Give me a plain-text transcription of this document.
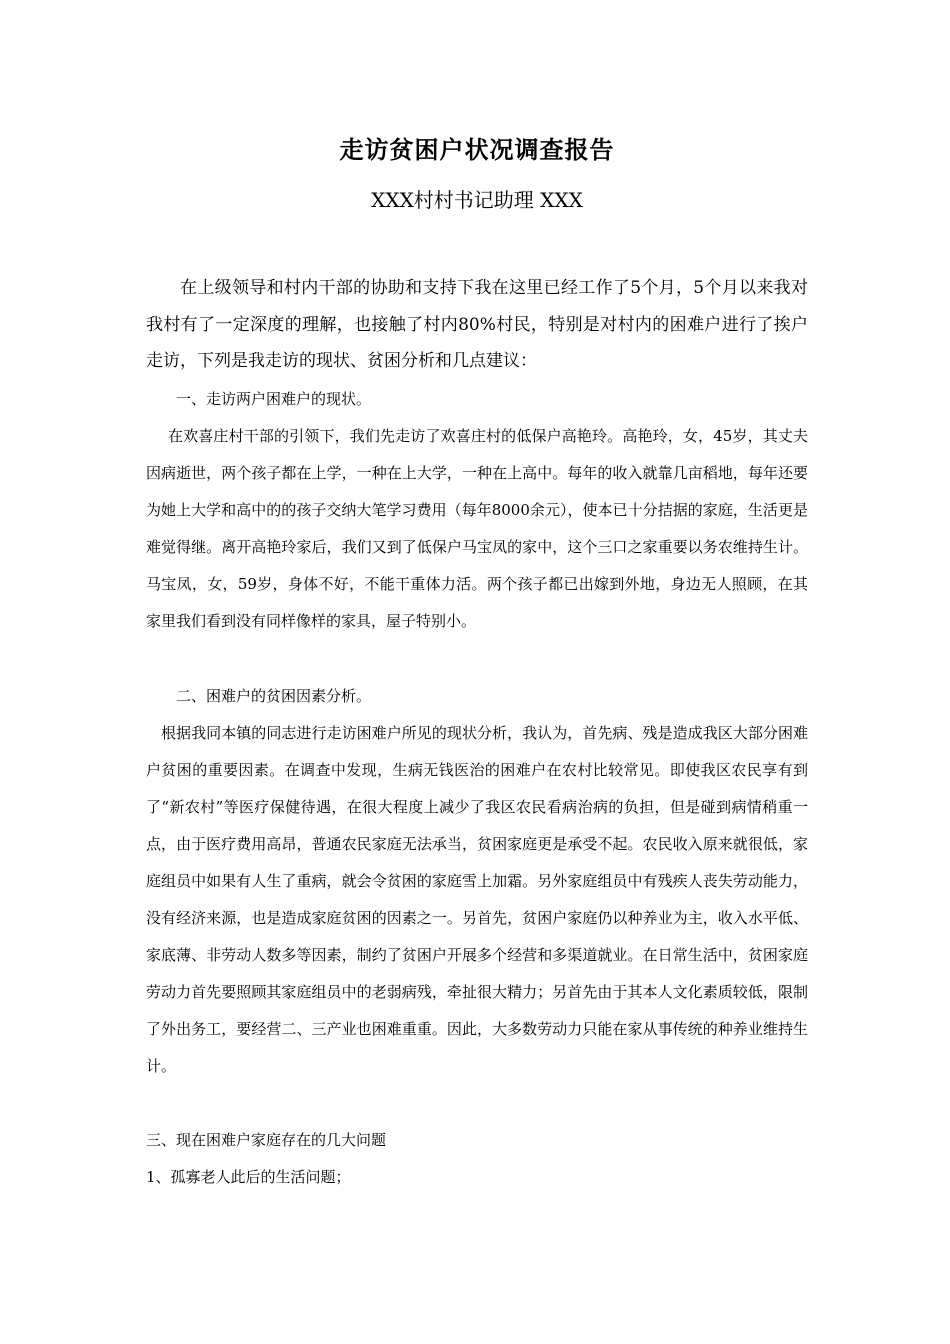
走访贫困户状况调查报告
XXX村村书记助理 XXX

在上级领导和村内干部的协助和支持下我在这里已经工作了5个月，5个月以来我对我村有了一定深度的理解，也接触了村内80%村民，特别是对村内的困难户进行了挨户走访，下列是我走访的现状、贫困分析和几点建议：

一、走访两户困难户的现状。

在欢喜庄村干部的引领下，我们先走访了欢喜庄村的低保户高艳玲。高艳玲，女，45岁，其丈夫因病逝世，两个孩子都在上学，一种在上大学，一种在上高中。每年的收入就靠几亩稻地，每年还要为她上大学和高中的的孩子交纳大笔学习费用（每年8000余元），使本已十分拮据的家庭，生活更是难觉得继。离开高艳玲家后，我们又到了低保户马宝凤的家中，这个三口之家重要以务农维持生计。马宝凤，女，59岁，身体不好，不能干重体力活。两个孩子都已出嫁到外地，身边无人照顾，在其家里我们看到没有同样像样的家具，屋子特别小。

二、困难户的贫困因素分析。

根据我同本镇的同志进行走访困难户所见的现状分析，我认为，首先病、残是造成我区大部分困难户贫困的重要因素。在调查中发现，生病无钱医治的困难户在农村比较常见。即使我区农民享有到了“新农村”等医疗保健待遇，在很大程度上减少了我区农民看病治病的负担，但是碰到病情稍重一点，由于医疗费用高昂，普通农民家庭无法承当，贫困家庭更是承受不起。农民收入原来就很低，家庭组员中如果有人生了重病，就会令贫困的家庭雪上加霜。另外家庭组员中有残疾人丧失劳动能力，没有经济来源，也是造成家庭贫困的因素之一。另首先，贫困户家庭仍以种养业为主，收入水平低、家底薄、非劳动人数多等因素，制约了贫困户开展多个经营和多渠道就业。在日常生活中，贫困家庭劳动力首先要照顾其家庭组员中的老弱病残，牵扯很大精力；另首先由于其本人文化素质较低，限制了外出务工，要经营二、三产业也困难重重。因此，大多数劳动力只能在家从事传统的种养业维持生计。

三、现在困难户家庭存在的几大问题

1、孤寡老人此后的生活问题；
